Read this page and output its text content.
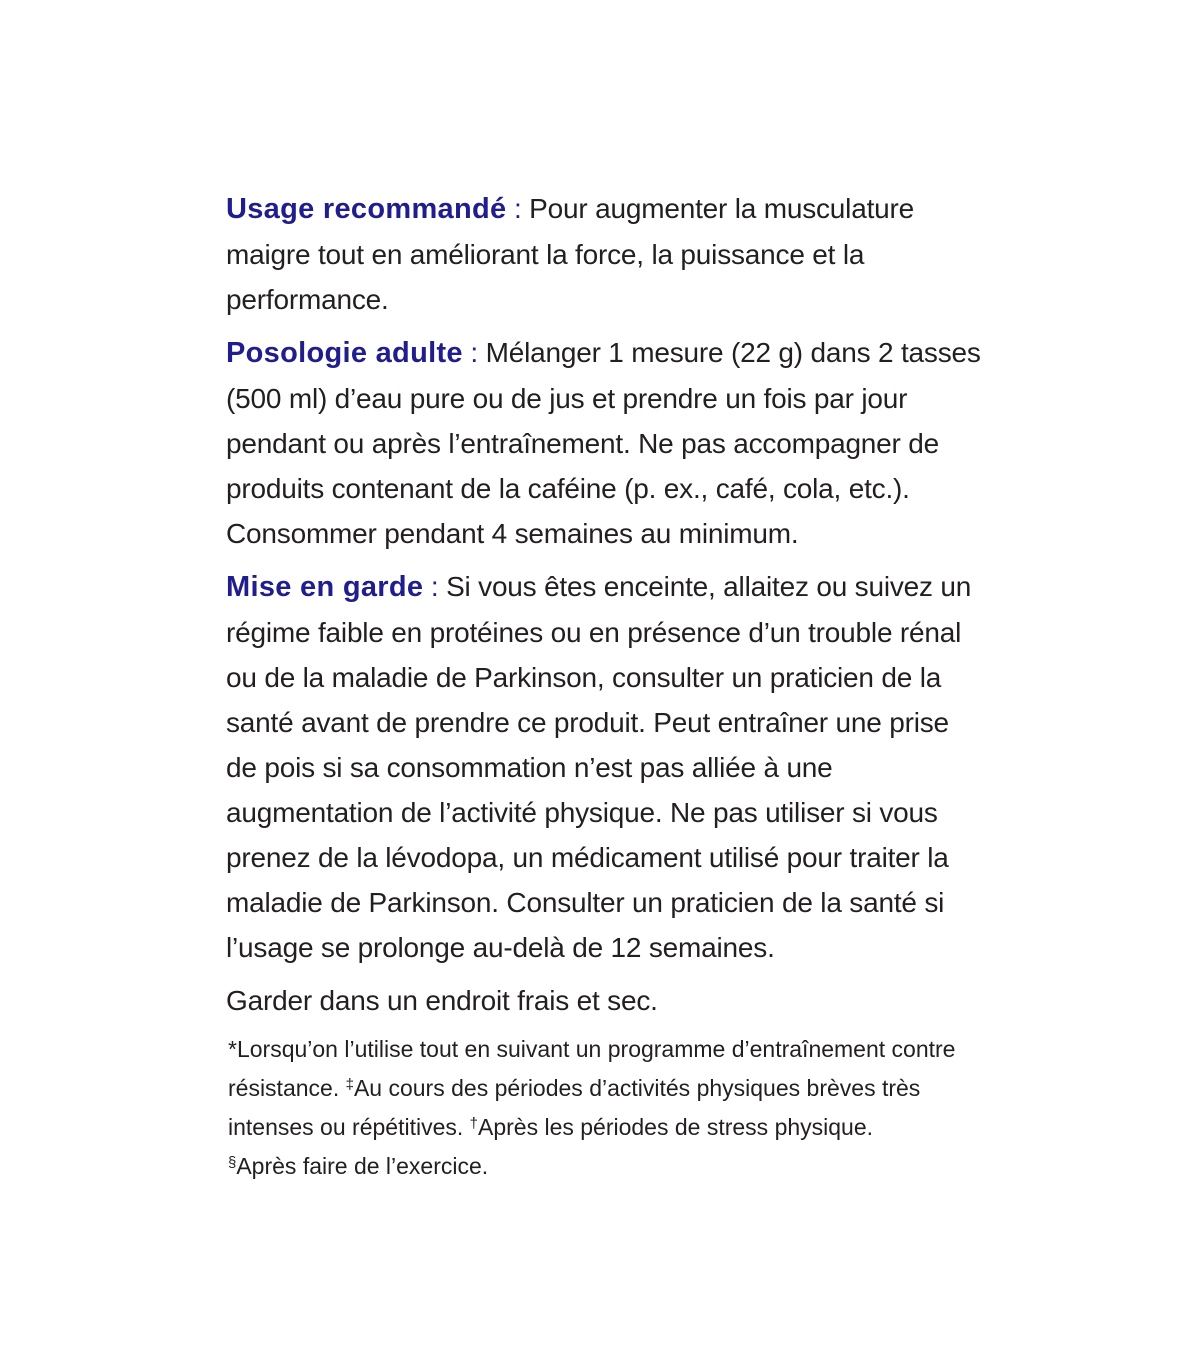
Usage recommandé : Pour augmenter la musculature maigre tout en améliorant la force, la puissance et la performance.

Posologie adulte : Mélanger 1 mesure (22 g) dans 2 tasses (500 ml) d’eau pure ou de jus et prendre un fois par jour pendant ou après l’entraînement. Ne pas accompagner de produits contenant de la caféine (p. ex., café, cola, etc.). Consommer pendant 4 semaines au minimum.

Mise en garde : Si vous êtes enceinte, allaitez ou suivez un régime faible en protéines ou en présence d’un trouble rénal ou de la maladie de Parkinson, consulter un praticien de la santé avant de prendre ce produit. Peut entraîner une prise de pois si sa consommation n’est pas alliée à une augmentation de l’activité physique. Ne pas utiliser si vous prenez de la lévodopa, un médicament utilisé pour traiter la maladie de Parkinson. Consulter un praticien de la santé si l’usage se prolonge au-delà de 12 semaines.

Garder dans un endroit frais et sec.

*Lorsqu’on l’utilise tout en suivant un programme d’entraînement contre résistance. ‡Au cours des périodes d’activités physiques brèves très intenses ou répétitives. †Après les périodes de stress physique.
§Après faire de l’exercice.
